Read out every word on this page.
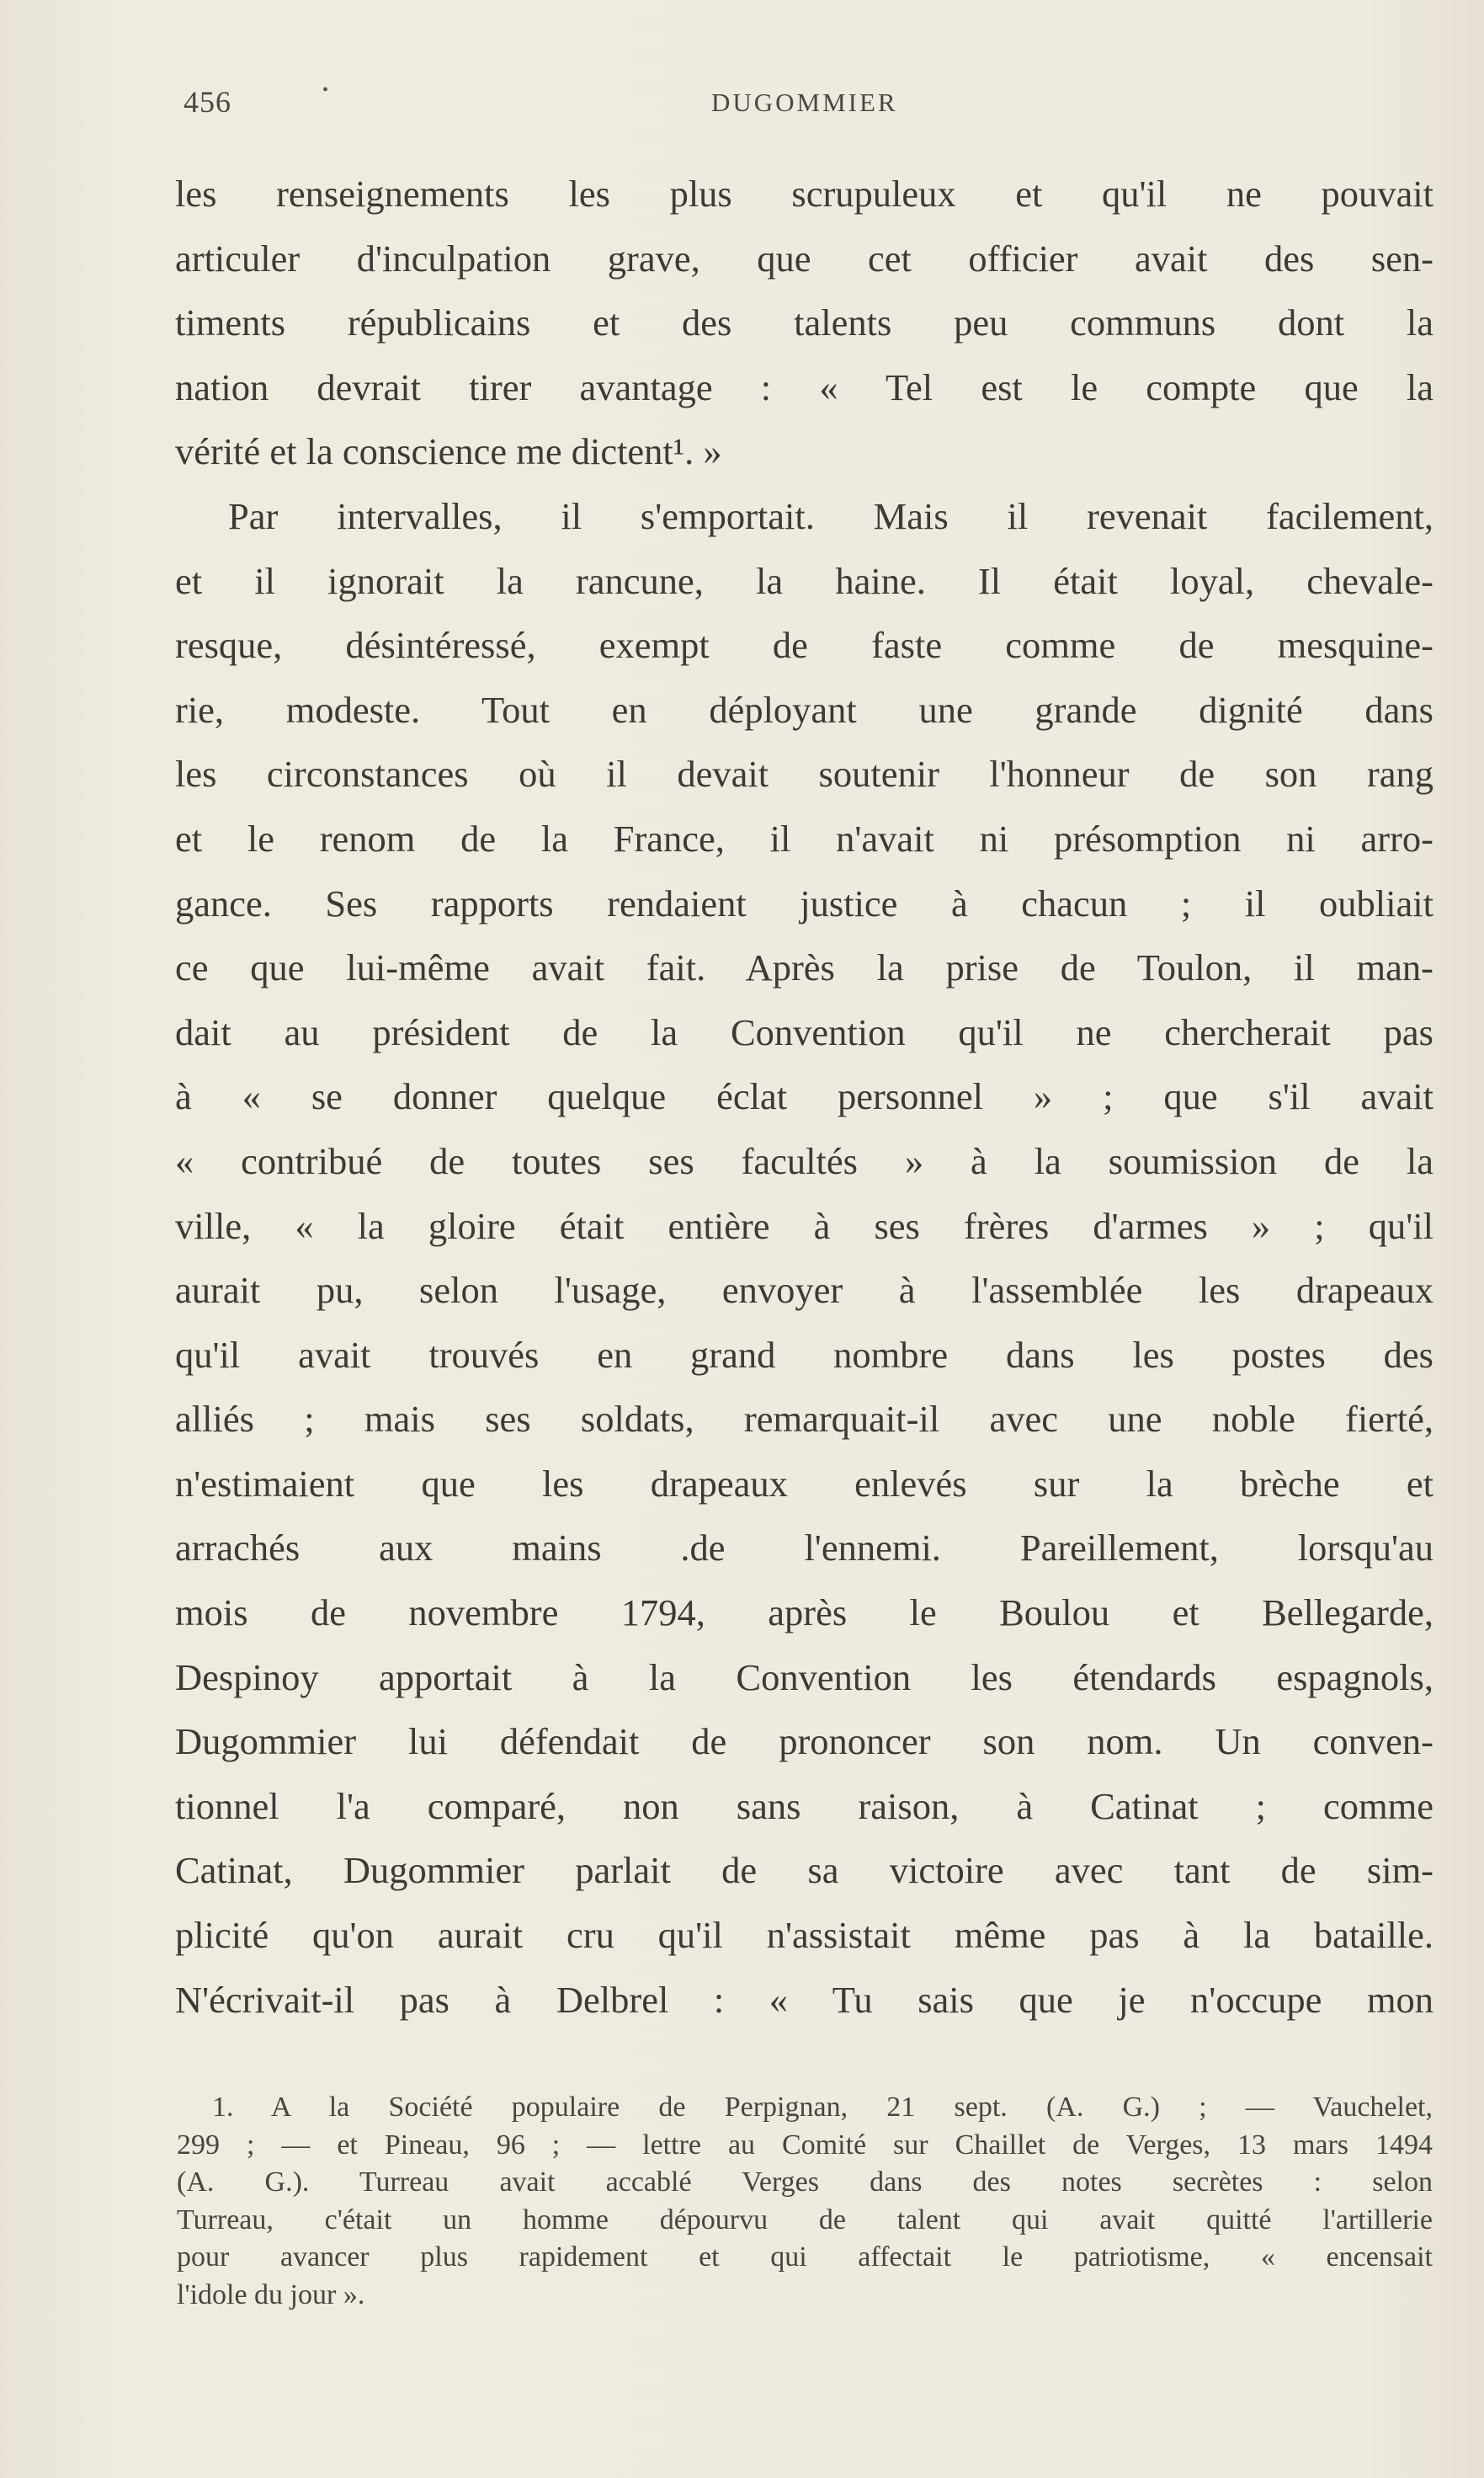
456	•	DUGOMMIER
les renseignements les plus scrupuleux et qu'il ne pouvait
articuler d'inculpation grave, que cet officier avait des sen-
timents républicains et des talents peu communs dont la
nation devrait tirer avantage : « Tel est le compte que la
vérité et la conscience me dictent¹. »
Par intervalles, il s'emportait. Mais il revenait facilement,
et il ignorait la rancune, la haine. Il était loyal, chevale-
resque, désintéressé, exempt de faste comme de mesquine-
rie, modeste. Tout en déployant une grande dignité dans
les circonstances où il devait soutenir l'honneur de son rang
et le renom de la France, il n'avait ni présomption ni arro-
gance. Ses rapports rendaient justice à chacun ; il oubliait
ce que lui-même avait fait. Après la prise de Toulon, il man-
dait au président de la Convention qu'il ne chercherait pas
à « se donner quelque éclat personnel » ; que s'il avait
« contribué de toutes ses facultés » à la soumission de la
ville, « la gloire était entière à ses frères d'armes » ; qu'il
aurait pu, selon l'usage, envoyer à l'assemblée les drapeaux
qu'il avait trouvés en grand nombre dans les postes des
alliés ; mais ses soldats, remarquait-il avec une noble fierté,
n'estimaient que les drapeaux enlevés sur la brèche et
arrachés aux mains .de l'ennemi. Pareillement, lorsqu'au
mois de novembre 1794, après le Boulou et Bellegarde,
Despinoy apportait à la Convention les étendards espagnols,
Dugommier lui défendait de prononcer son nom. Un conven-
tionnel l'a comparé, non sans raison, à Catinat ; comme
Catinat, Dugommier parlait de sa victoire avec tant de sim-
plicité qu'on aurait cru qu'il n'assistait même pas à la bataille.
N'écrivait-il pas à Delbrel : « Tu sais que je n'occupe mon
1. A la Société populaire de Perpignan, 21 sept. (A. G.) ; — Vauchelet,
299 ; — et Pineau, 96 ; — lettre au Comité sur Chaillet de Verges, 13 mars 1494
(A. G.). Turreau avait accablé Verges dans des notes secrètes : selon
Turreau, c'était un homme dépourvu de talent qui avait quitté l'artillerie
pour avancer plus rapidement et qui affectait le patriotisme, « encensait
l'idole du jour ».
